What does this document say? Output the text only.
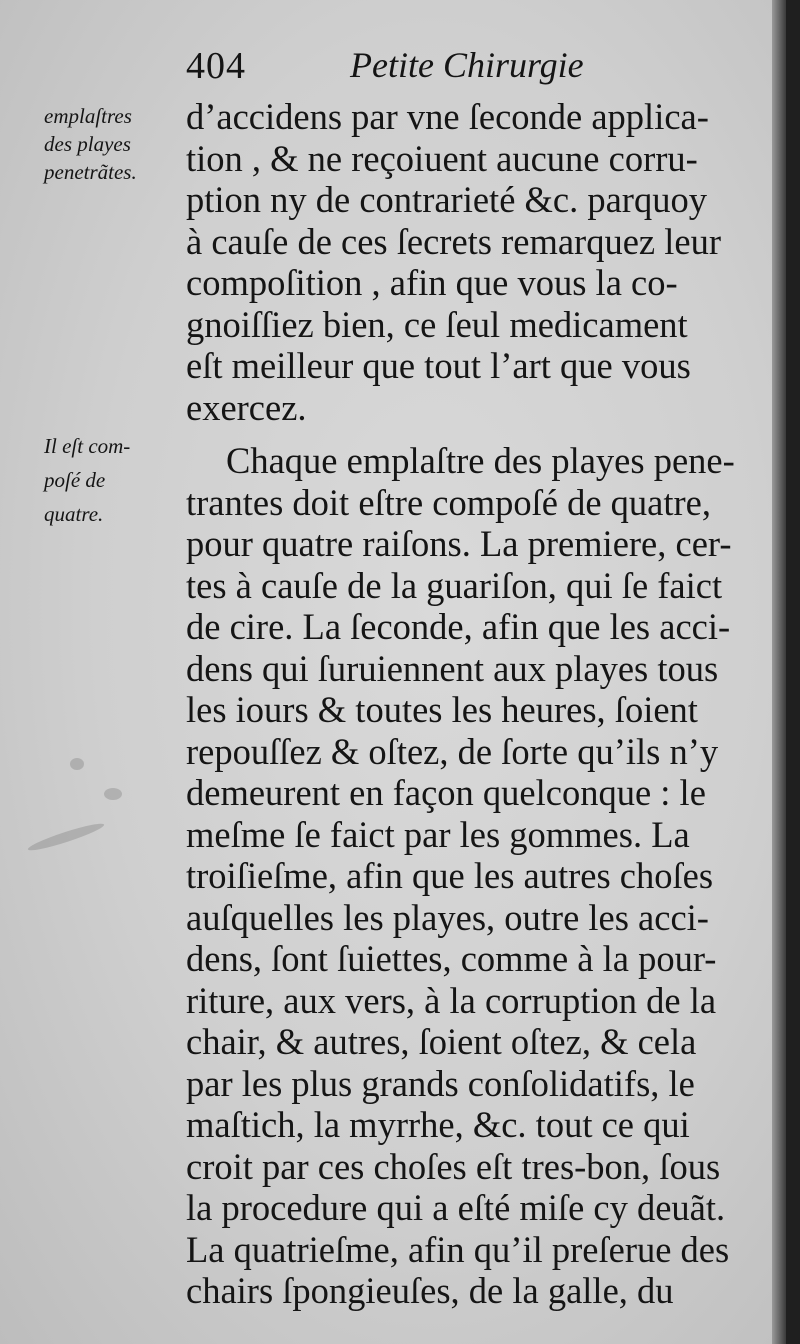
404	Petite Chirurgie
emplaſtres
des playes
penetrãtes.
Il eſt com-
poſé de
quatre.
d’accidens par vne ſeconde applica-
tion , & ne reçoiuent aucune corru-
ption ny de contrarieté &c. parquoy
à cauſe de ces ſecrets remarquez leur
compoſition , afin que vous la co-
gnoiſſiez bien, ce ſeul medicament
eſt meilleur que tout l’art que vous
exercez.
Chaque emplaſtre des playes pene-
trantes doit eſtre compoſé de quatre,
pour quatre raiſons. La premiere, cer-
tes à cauſe de la guariſon, qui ſe faict
de cire. La ſeconde, afin que les acci-
dens qui ſuruiennent aux playes tous
les iours & toutes les heures, ſoient
repouſſez & oſtez, de ſorte qu’ils n’y
demeurent en façon quelconque : le
meſme ſe faict par les gommes. La
troiſieſme, afin que les autres choſes
auſquelles les playes, outre les acci-
dens, ſont ſuiettes, comme à la pour-
riture, aux vers, à la corruption de la
chair, & autres, ſoient oſtez, & cela
par les plus grands conſolidatifs, le
maſtich, la myrrhe, &c. tout ce qui
croit par ces choſes eſt tres-bon, ſous
la procedure qui a eſté miſe cy deuãt.
La quatrieſme, afin qu’il preſerue des
chairs ſpongieuſes, de la galle, du
